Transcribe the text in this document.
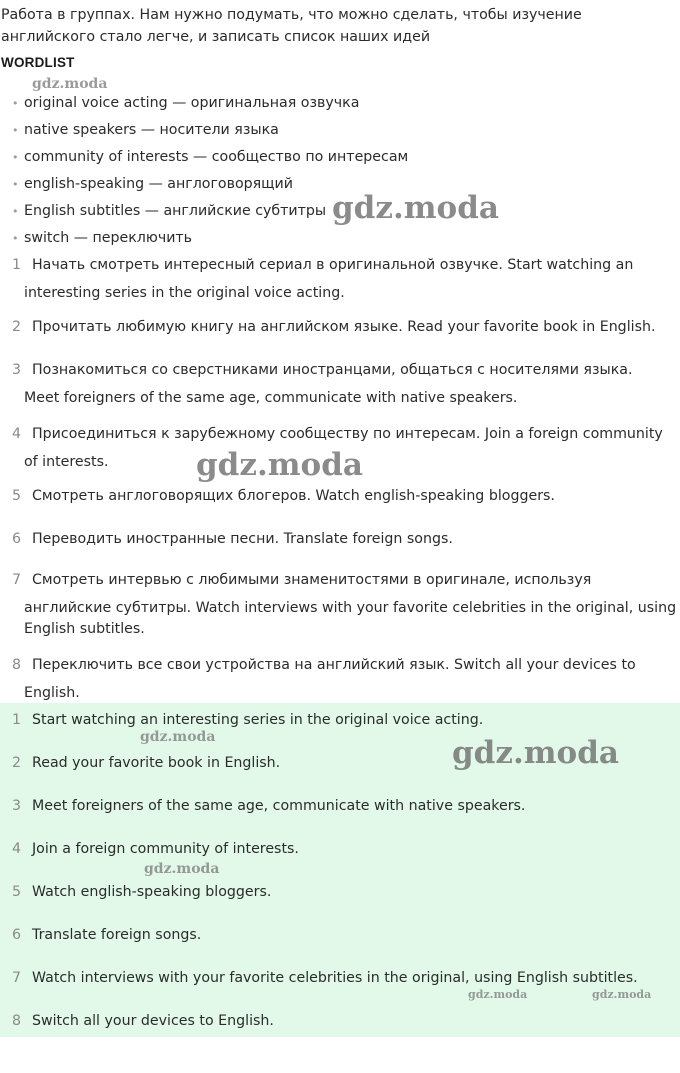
Работа в группах. Нам нужно подумать, что можно сделать, чтобы изучение английского стало легче, и записать список наших идей
WORDLIST
• original voice acting — оригинальная озвучка
• native speakers — носители языка
• community of interests — сообщество по интересам
• english-speaking — англоговорящий
• English subtitles — английские субтитры
• switch — переключить
1 Начать смотреть интересный сериал в оригинальной озвучке. Start watching an
interesting series in the original voice acting.
2 Прочитать любимую книгу на английском языке. Read your favorite book in English.
3 Познакомиться со сверстниками иностранцами, общаться с носителями языка.
Meet foreigners of the same age, communicate with native speakers.
4 Присоединиться к зарубежному сообществу по интересам. Join a foreign community
of interests.
5 Смотреть англоговорящих блогеров. Watch english-speaking bloggers.
6 Переводить иностранные песни. Translate foreign songs.
7 Смотреть интервью с любимыми знаменитостями в оригинале, используя
английские субтитры. Watch interviews with your favorite celebrities in the original, using English subtitles.
8 Переключить все свои устройства на английский язык. Switch all your devices to
English.
1 Start watching an interesting series in the original voice acting.
2 Read your favorite book in English.
3 Meet foreigners of the same age, communicate with native speakers.
4 Join a foreign community of interests.
5 Watch english-speaking bloggers.
6 Translate foreign songs.
7 Watch interviews with your favorite celebrities in the original, using English subtitles.
8 Switch all your devices to English.
gdz.moda
gdz.moda
gdz.moda
gdz.moda	gdz.moda
gdz.moda
gdz.moda	gdz.moda
